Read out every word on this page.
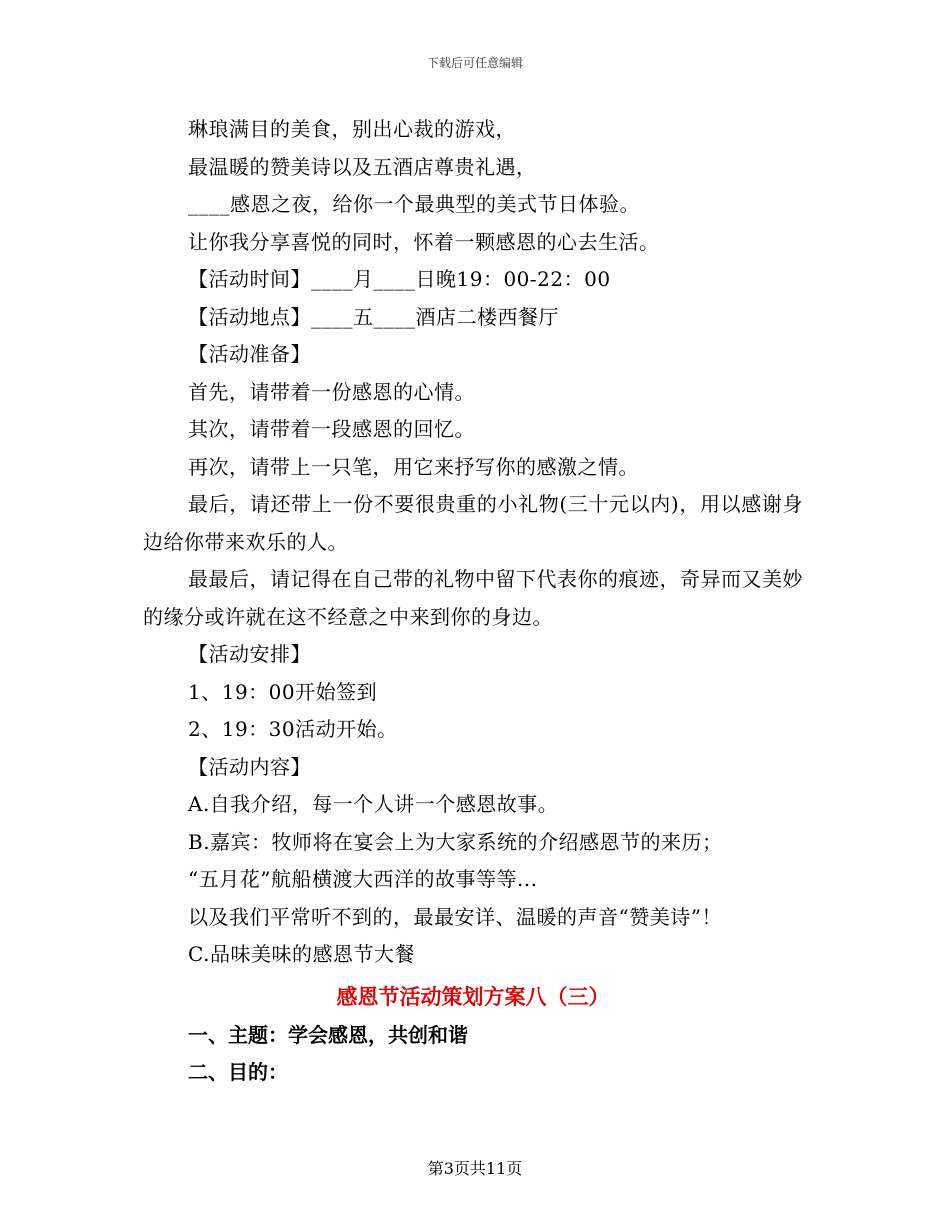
下载后可任意编辑
琳琅满目的美食，别出心裁的游戏，
最温暖的赞美诗以及五酒店尊贵礼遇，
____感恩之夜，给你一个最典型的美式节日体验。
让你我分享喜悦的同时，怀着一颗感恩的心去生活。
【活动时间】____月____日晚19：00-22：00
【活动地点】____五____酒店二楼西餐厅
【活动准备】
首先，请带着一份感恩的心情。
其次，请带着一段感恩的回忆。
再次，请带上一只笔，用它来抒写你的感激之情。
最后，请还带上一份不要很贵重的小礼物(三十元以内)，用以感谢身边给你带来欢乐的人。
最最后，请记得在自己带的礼物中留下代表你的痕迹，奇异而又美妙的缘分或许就在这不经意之中来到你的身边。
【活动安排】
1、19：00开始签到
2、19：30活动开始。
【活动内容】
A.自我介绍，每一个人讲一个感恩故事。
B.嘉宾：牧师将在宴会上为大家系统的介绍感恩节的来历；
“五月花”航船横渡大西洋的故事等等...
以及我们平常听不到的，最最安详、温暖的声音“赞美诗”！
C.品味美味的感恩节大餐
感恩节活动策划方案八（三）
一、主题：学会感恩，共创和谐
二、目的：
第3页共11页
